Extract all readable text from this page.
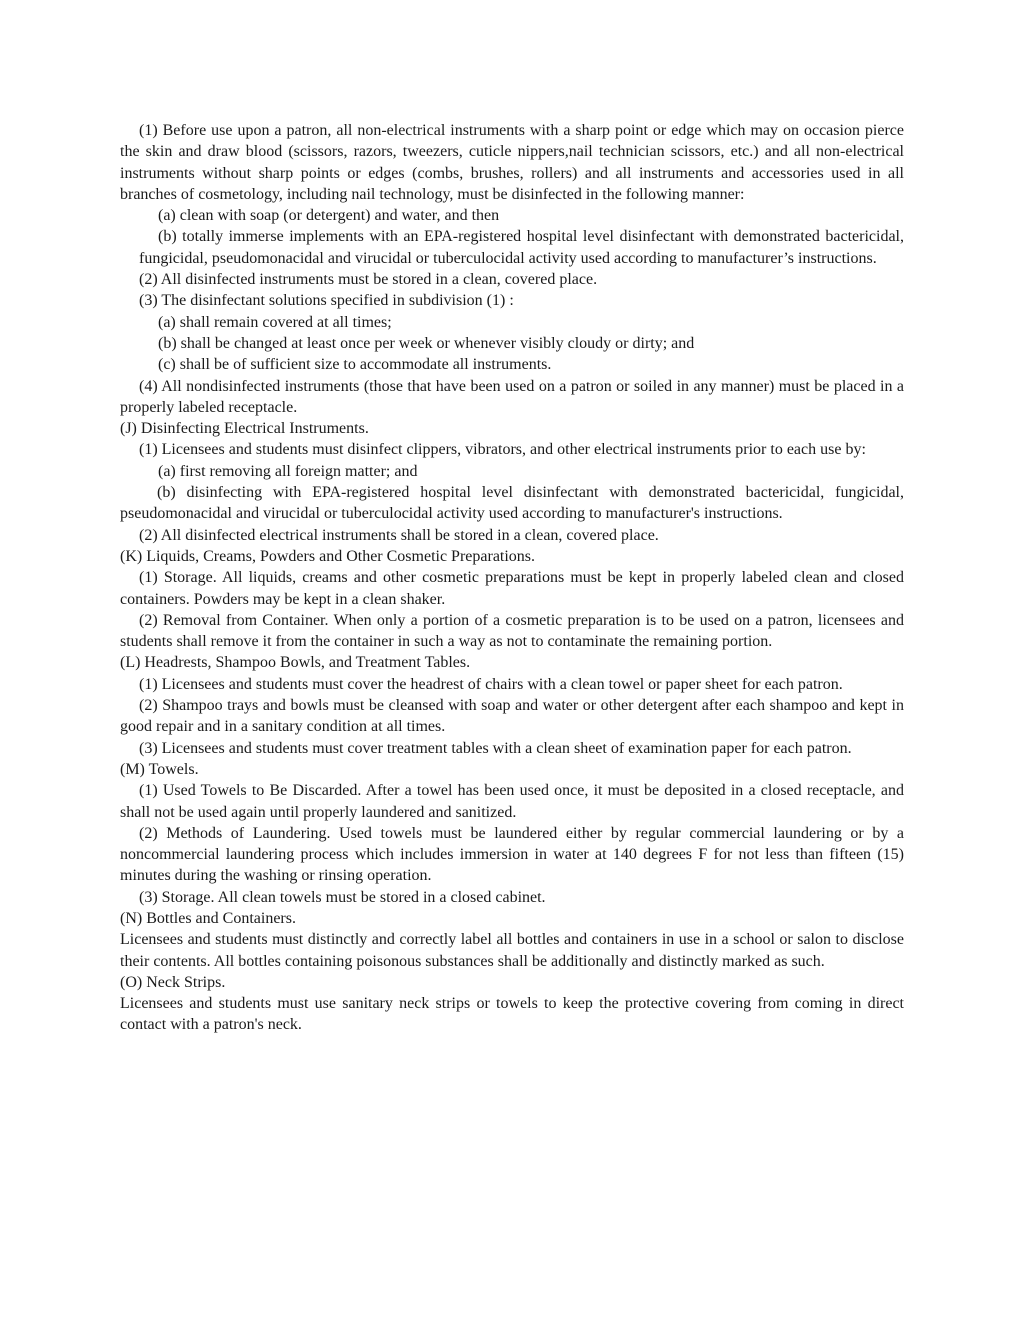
(1) Before use upon a patron, all non-electrical instruments with a sharp point or edge which may on occasion pierce the skin and draw blood (scissors, razors, tweezers, cuticle nippers,nail technician scissors, etc.) and all non-electrical instruments without sharp points or edges (combs, brushes, rollers) and all instruments and accessories used in all branches of cosmetology, including nail technology, must be disinfected in the following manner:

(a) clean with soap (or detergent) and water, and then

(b) totally immerse implements with an EPA-registered hospital level disinfectant with demonstrated bactericidal, fungicidal, pseudomonacidal and virucidal or tuberculocidal activity used according to manufacturer’s instructions.

(2) All disinfected instruments must be stored in a clean, covered place.

(3) The disinfectant solutions specified in subdivision (1) :

(a) shall remain covered at all times;

(b) shall be changed at least once per week or whenever visibly cloudy or dirty; and

(c) shall be of sufficient size to accommodate all instruments.

(4) All nondisinfected instruments (those that have been used on a patron or soiled in any manner) must be placed in a properly labeled receptacle.

(J) Disinfecting Electrical Instruments.

(1) Licensees and students must disinfect clippers, vibrators, and other electrical instruments prior to each use by:

(a) first removing all foreign matter; and

(b) disinfecting with EPA-registered hospital level disinfectant with demonstrated bactericidal, fungicidal, pseudomonacidal and virucidal or tuberculocidal activity used according to manufacturer's instructions.

(2) All disinfected electrical instruments shall be stored in a clean, covered place.

(K) Liquids, Creams, Powders and Other Cosmetic Preparations.

(1) Storage. All liquids, creams and other cosmetic preparations must be kept in properly labeled clean and closed containers. Powders may be kept in a clean shaker.

(2) Removal from Container. When only a portion of a cosmetic preparation is to be used on a patron, licensees and students shall remove it from the container in such a way as not to contaminate the remaining portion.

(L) Headrests, Shampoo Bowls, and Treatment Tables.

(1) Licensees and students must cover the headrest of chairs with a clean towel or paper sheet for each patron.

(2) Shampoo trays and bowls must be cleansed with soap and water or other detergent after each shampoo and kept in good repair and in a sanitary condition at all times.

(3) Licensees and students must cover treatment tables with a clean sheet of examination paper for each patron.

(M) Towels.

(1) Used Towels to Be Discarded. After a towel has been used once, it must be deposited in a closed receptacle, and shall not be used again until properly laundered and sanitized.

(2) Methods of Laundering. Used towels must be laundered either by regular commercial laundering or by a noncommercial laundering process which includes immersion in water at 140 degrees F for not less than fifteen (15) minutes during the washing or rinsing operation.

(3) Storage. All clean towels must be stored in a closed cabinet.

(N) Bottles and Containers.

Licensees and students must distinctly and correctly label all bottles and containers in use in a school or salon to disclose their contents. All bottles containing poisonous substances shall be additionally and distinctly marked as such.

(O) Neck Strips.

Licensees and students must use sanitary neck strips or towels to keep the protective covering from coming in direct contact with a patron's neck.
